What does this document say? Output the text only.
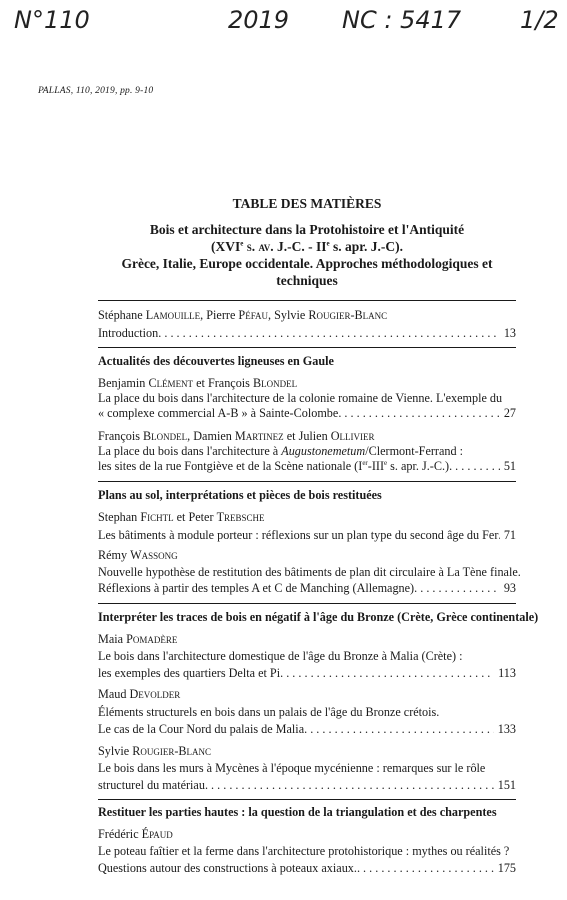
N°110	2019 NC : 5417 1/2
PALLAS, 110, 2019, pp. 9-10
TABLE DES MATIÈRES
Bois et architecture dans la Protohistoire et l'Antiquité
(XVIe s. av. J.-C. - IIe s. apr. J.-C).
Grèce, Italie, Europe occidentale. Approches méthodologiques et
techniques
Stéphane Lamouille, Pierre Péfau, Sylvie Rougier-Blanc
Introduction . . .	13
Actualités des découvertes ligneuses en Gaule
Benjamin Clément et François Blondel
La place du bois dans l'architecture de la colonie romaine de Vienne. L'exemple du
« complexe commercial A-B » à Sainte-Colombe . . .	27
François Blondel, Damien Martinez et Julien Ollivier
La place du bois dans l'architecture à Augustonemetum/Clermont-Ferrand :
les sites de la rue Fontgiève et de la Scène nationale (Ier-IIIe s. apr. J.-C.) . . .	51
Plans au sol, interprétations et pièces de bois restituées
Stephan Fichtl et Peter Trebsche
Les bâtiments à module porteur : réflexions sur un plan type du second âge du Fer . . . 71
Rémy Wassong
Nouvelle hypothèse de restitution des bâtiments de plan dit circulaire à La Tène finale.
Réflexions à partir des temples A et C de Manching (Allemagne) . . .	93
Interpréter les traces de bois en négatif à l'âge du Bronze (Crète, Grèce continentale)
Maia Pomadère
Le bois dans l'architecture domestique de l'âge du Bronze à Malia (Crète) :
les exemples des quartiers Delta et Pi . . .	113
Maud Devolder
Éléments structurels en bois dans un palais de l'âge du Bronze crétois.
Le cas de la Cour Nord du palais de Malia . . .	133
Sylvie Rougier-Blanc
Le bois dans les murs à Mycènes à l'époque mycénienne : remarques sur le rôle
structurel du matériau . . .	151
Restituer les parties hautes : la question de la triangulation et des charpentes
Frédéric Épaud
Le poteau faîtier et la ferme dans l'architecture protohistorique : mythes ou réalités ?
Questions autour des constructions à poteaux axiaux. . . .	175
